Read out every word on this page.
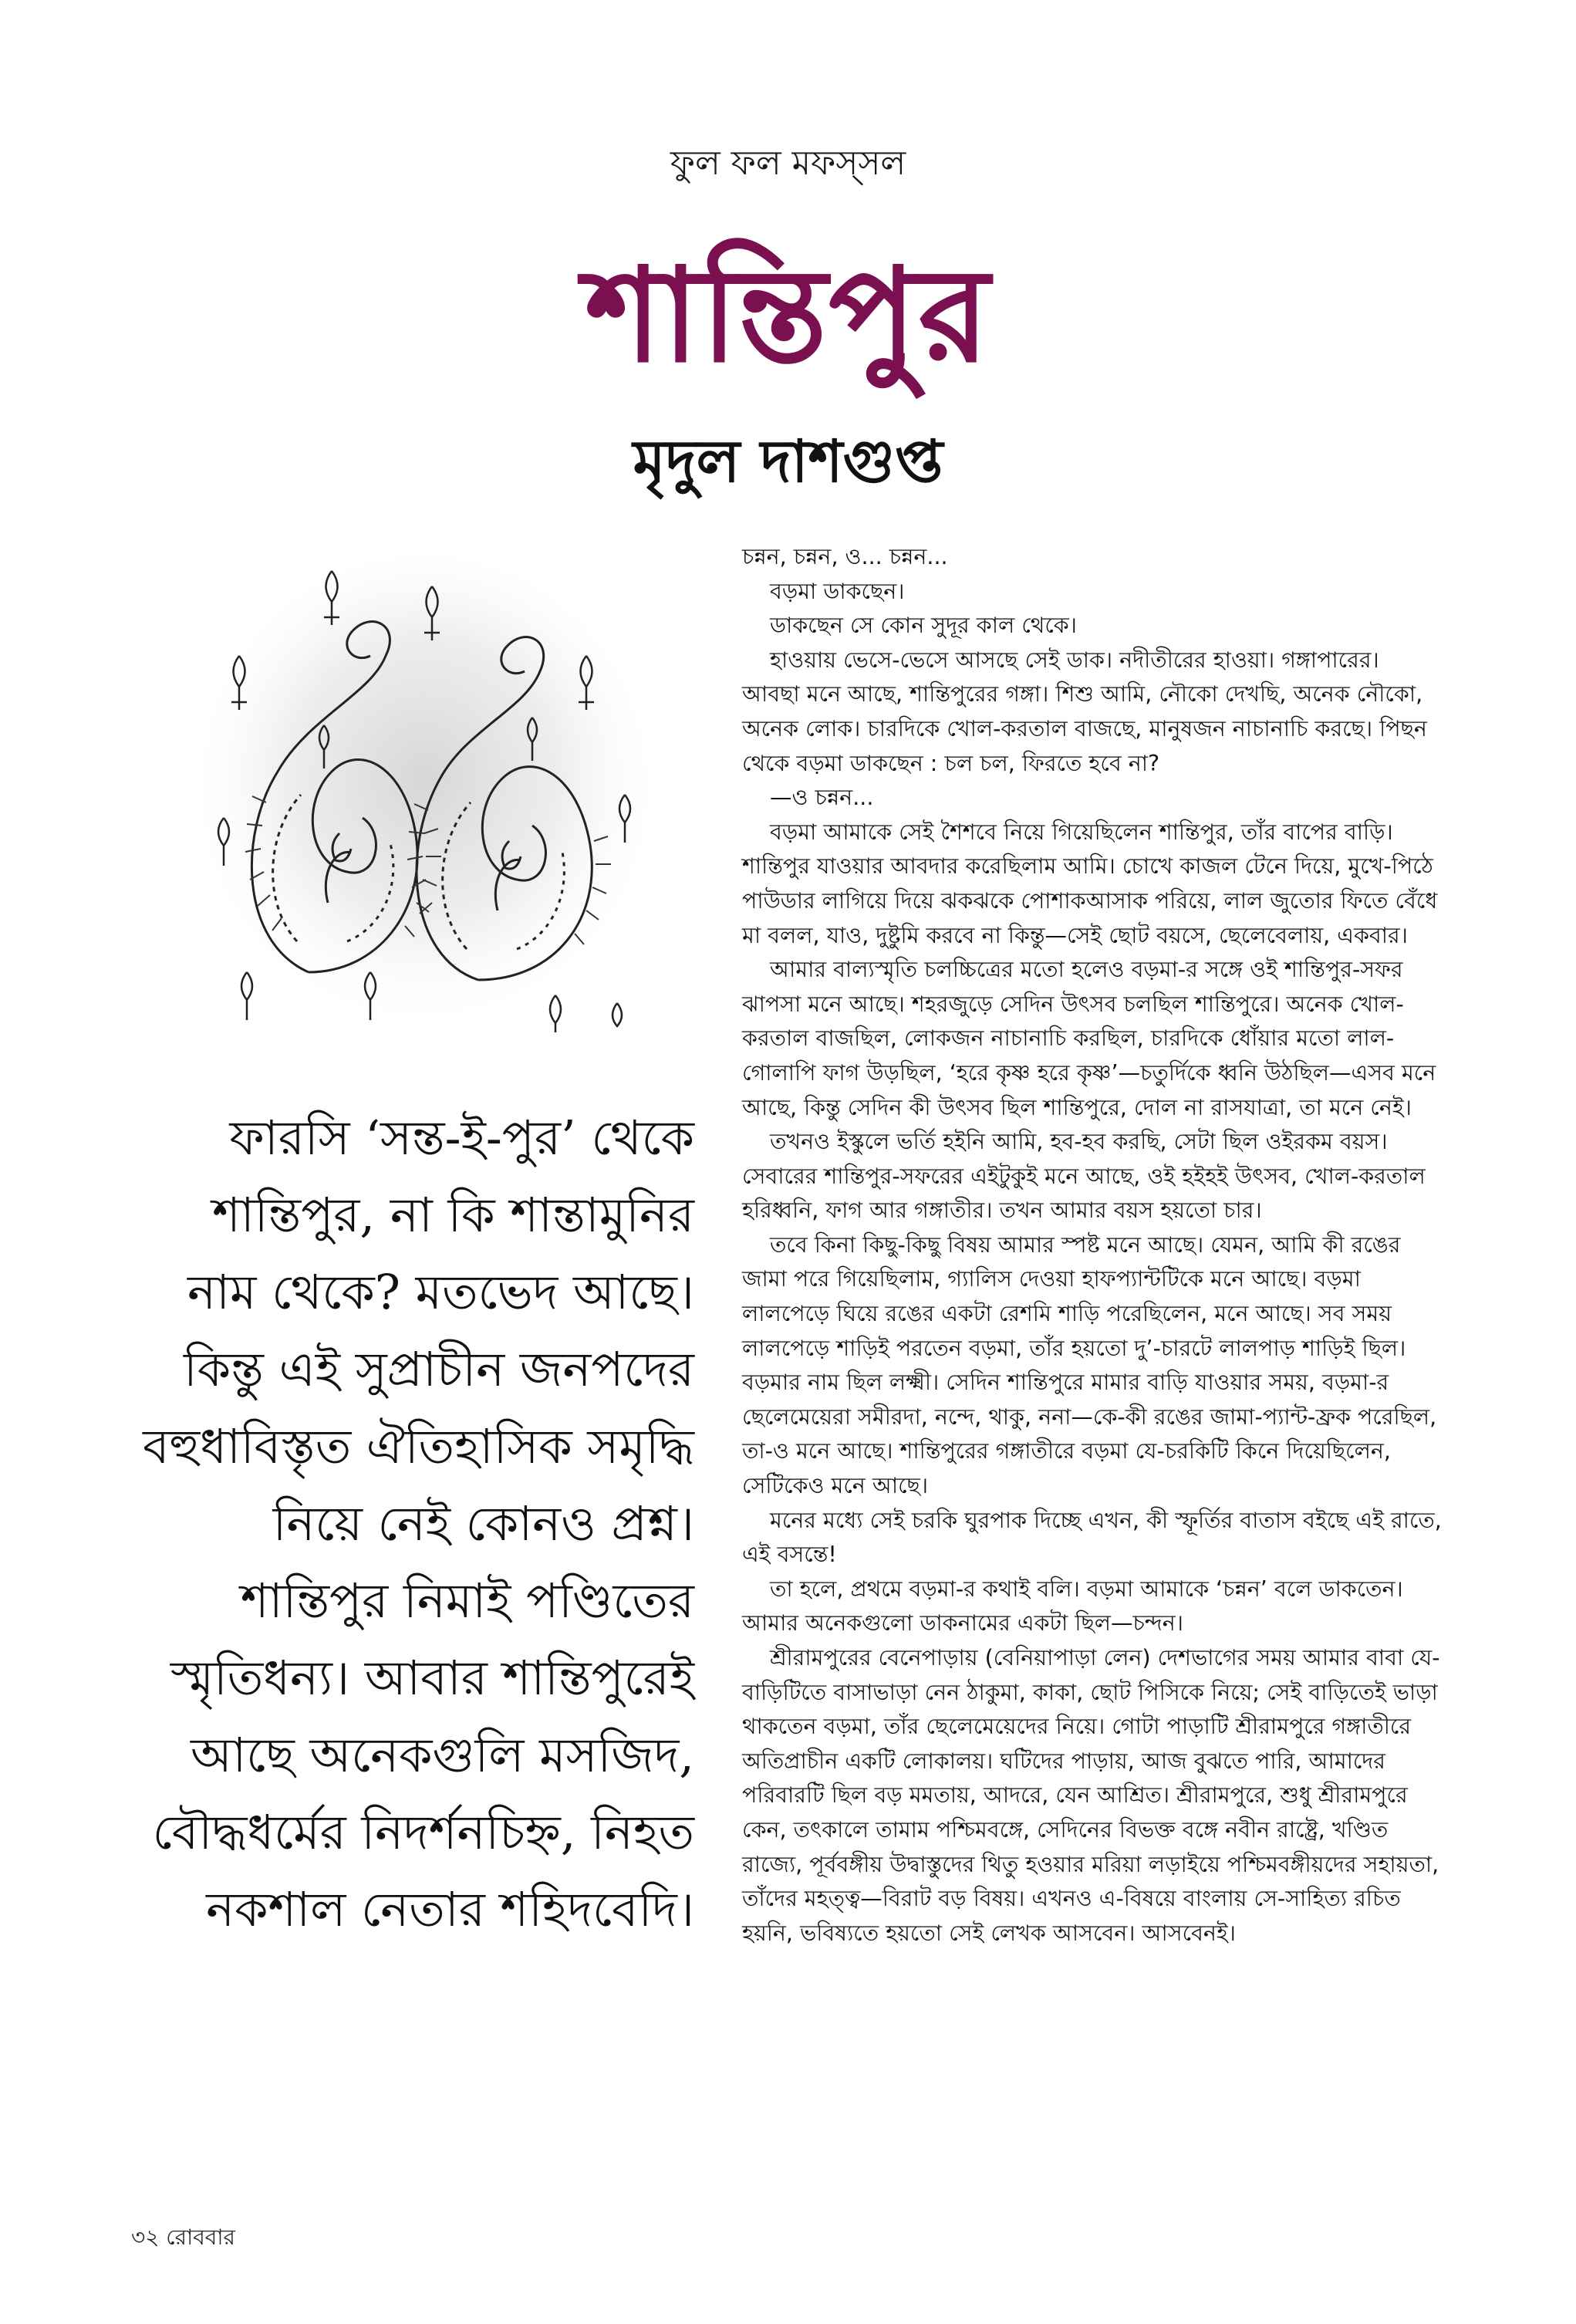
ফুল ফল মফস্‌সল
শান্তিপুর
মৃদুল দাশগুপ্ত

ফারসি ‘সন্ত-ই-পুর’ থেকে শান্তিপুর, না কি শান্তামুনির নাম থেকে? মতভেদ আছে। কিন্তু এই সুপ্রাচীন জনপদের বহুধাবিস্তৃত ঐতিহাসিক সমৃদ্ধি নিয়ে নেই কোনও প্রশ্ন। শান্তিপুর নিমাই পণ্ডিতের স্মৃতিধন্য। আবার শান্তিপুরেই আছে অনেকগুলি মসজিদ, বৌদ্ধধর্মের নিদর্শনচিহ্ন, নিহত নকশাল নেতার শহিদবেদি।

চন্নন, চন্নন, ও... চন্নন...

বড়মা ডাকছেন।

ডাকছেন সে কোন সুদূর কাল থেকে।

হাওয়ায় ভেসে-ভেসে আসছে সেই ডাক। নদীতীরের হাওয়া। গঙ্গাপারের। আবছা মনে আছে, শান্তিপুরের গঙ্গা। শিশু আমি, নৌকো দেখছি, অনেক নৌকো, অনেক লোক। চারদিকে খোল-করতাল বাজছে, মানুষজন নাচানাচি করছে। পিছন থেকে বড়মা ডাকছেন : চল চল, ফিরতে হবে না?

—ও চন্নন...

বড়মা আমাকে সেই শৈশবে নিয়ে গিয়েছিলেন শান্তিপুর, তাঁর বাপের বাড়ি। শান্তিপুর যাওয়ার আবদার করেছিলাম আমি। চোখে কাজল টেনে দিয়ে, মুখে-পিঠে পাউডার লাগিয়ে দিয়ে ঝকঝকে পোশাকআসাক পরিয়ে, লাল জুতোর ফিতে বেঁধে মা বলল, যাও, দুষ্টুমি করবে না কিন্তু—সেই ছোট বয়সে, ছেলেবেলায়, একবার।

আমার বাল্যস্মৃতি চলচ্চিত্রের মতো হলেও বড়মা-র সঙ্গে ওই শান্তিপুর-সফর ঝাপসা মনে আছে। শহরজুড়ে সেদিন উৎসব চলছিল শান্তিপুরে। অনেক খোল-করতাল বাজছিল, লোকজন নাচানাচি করছিল, চারদিকে ধোঁয়ার মতো লাল-গোলাপি ফাগ উড়ছিল, ‘হরে কৃষ্ণ হরে কৃষ্ণ’—চতুর্দিকে ধ্বনি উঠছিল—এসব মনে আছে, কিন্তু সেদিন কী উৎসব ছিল শান্তিপুরে, দোল না রাসযাত্রা, তা মনে নেই।

তখনও ইস্কুলে ভর্তি হইনি আমি, হব-হব করছি, সেটা ছিল ওইরকম বয়স। সেবারের শান্তিপুর-সফরের এইটুকুই মনে আছে, ওই হইহই উৎসব, খোল-করতাল হরিধ্বনি, ফাগ আর গঙ্গাতীর। তখন আমার বয়স হয়তো চার।

তবে কিনা কিছু-কিছু বিষয় আমার স্পষ্ট মনে আছে। যেমন, আমি কী রঙের জামা পরে গিয়েছিলাম, গ্যালিস দেওয়া হাফপ্যান্টটিকে মনে আছে। বড়মা লালপেড়ে ঘিয়ে রঙের একটা রেশমি শাড়ি পরেছিলেন, মনে আছে। সব সময় লালপেড়ে শাড়িই পরতেন বড়মা, তাঁর হয়তো দু’-চারটে লালপাড় শাড়িই ছিল। বড়মার নাম ছিল লক্ষ্মী। সেদিন শান্তিপুরে মামার বাড়ি যাওয়ার সময়, বড়মা-র ছেলেমেয়েরা সমীরদা, নন্দে, থাকু, ননা—কে-কী রঙের জামা-প্যান্ট-ফ্রক পরেছিল, তা-ও মনে আছে। শান্তিপুরের গঙ্গাতীরে বড়মা যে-চরকিটি কিনে দিয়েছিলেন, সেটিকেও মনে আছে।

মনের মধ্যে সেই চরকি ঘুরপাক দিচ্ছে এখন, কী স্ফূর্তির বাতাস বইছে এই রাতে, এই বসন্তে!

তা হলে, প্রথমে বড়মা-র কথাই বলি। বড়মা আমাকে ‘চন্নন’ বলে ডাকতেন। আমার অনেকগুলো ডাকনামের একটা ছিল—চন্দন।

শ্রীরামপুরের বেনেপাড়ায় (বেনিয়াপাড়া লেন) দেশভাগের সময় আমার বাবা যে-বাড়িটিতে বাসাভাড়া নেন ঠাকুমা, কাকা, ছোট পিসিকে নিয়ে; সেই বাড়িতেই ভাড়া থাকতেন বড়মা, তাঁর ছেলেমেয়েদের নিয়ে। গোটা পাড়াটি শ্রীরামপুরে গঙ্গাতীরে অতিপ্রাচীন একটি লোকালয়। ঘটিদের পাড়ায়, আজ বুঝতে পারি, আমাদের পরিবারটি ছিল বড় মমতায়, আদরে, যেন আশ্রিত। শ্রীরামপুরে, শুধু শ্রীরামপুরে কেন, তৎকালে তামাম পশ্চিমবঙ্গে, সেদিনের বিভক্ত বঙ্গে নবীন রাষ্ট্রে, খণ্ডিত রাজ্যে, পূর্ববঙ্গীয় উদ্বাস্তুদের থিতু হওয়ার মরিয়া লড়াইয়ে পশ্চিমবঙ্গীয়দের সহায়তা, তাঁদের মহত্ত্ব—বিরাট বড় বিষয়। এখনও এ-বিষয়ে বাংলায় সে-সাহিত্য রচিত হয়নি, ভবিষ্যতে হয়তো সেই লেখক আসবেন। আসবেনই।

৩২ রোববার
